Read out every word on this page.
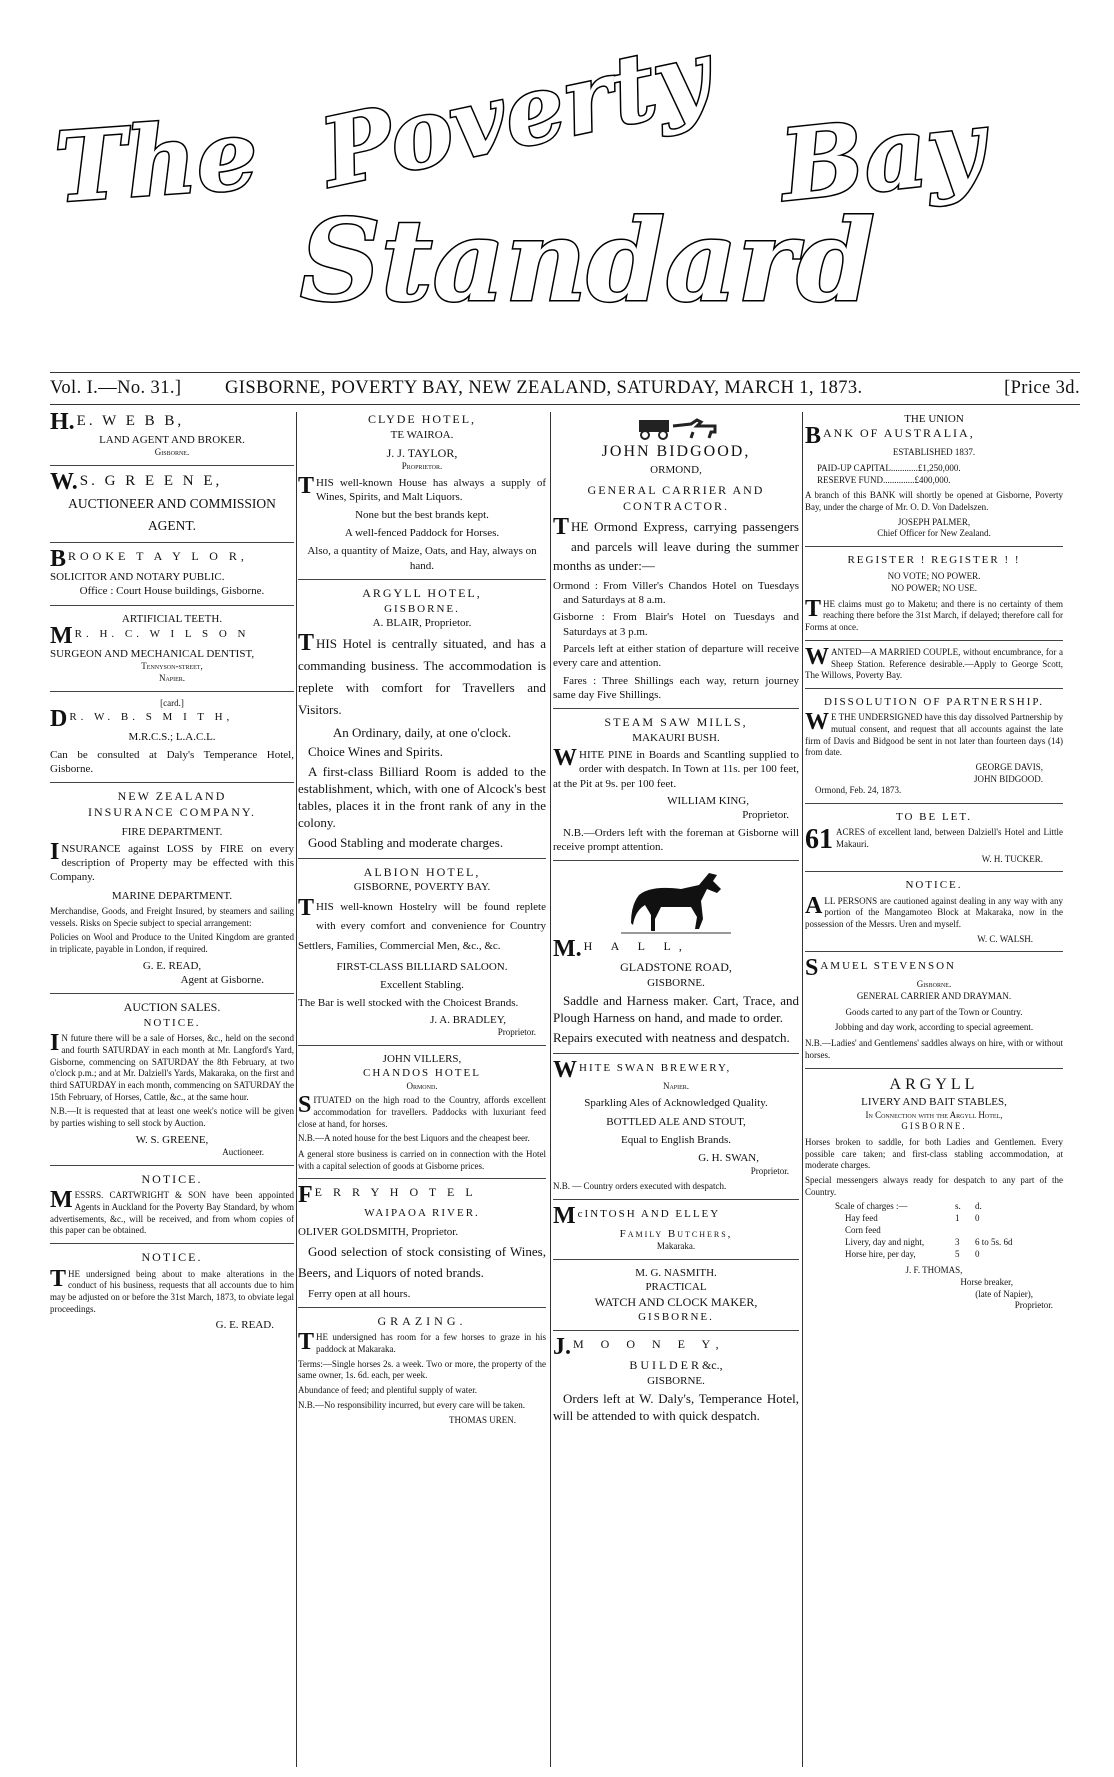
The Poverty Bay
Standard
Vol. I.—No. 31.] GISBORNE, POVERTY BAY, NEW ZEALAND, SATURDAY, MARCH 1, 1873.	[Price 3d.
H. E. W E B B,
LAND AGENT AND BROKER.
Gisborne.
W. S. G R E E N E,
AUCTIONEER AND COMMISSION AGENT.
BROOKE T A Y L O R,
SOLICITOR AND NOTARY PUBLIC.
Office : Court House buildings, Gisborne.
ARTIFICIAL TEETH.
M R. H. C. W I L S O N
SURGEON AND MECHANICAL DENTIST,
Tennyson-street,
Napier.
[card.]
D R. W. B. S M I T H,
M.R.C.S.; L.A.C.L.
Can be consulted at Daly's Temperance Hotel, Gisborne.
NEW ZEALAND
INSURANCE COMPANY.
FIRE DEPARTMENT.
INSURANCE against LOSS by FIRE on every description of Property may be effected with this Company.
MARINE DEPARTMENT.
Merchandise, Goods, and Freight Insured, by steamers and sailing vessels. Risks on Specie subject to special arrangement:
Policies on Wool and Produce to the United Kingdom are granted in triplicate, payable in London, if required.
G. E. READ,
Agent at Gisborne.
AUCTION SALES.
NOTICE.
I N future there will be a sale of Horses, &c., held on the second and fourth SATURDAY in each month at Mr. Langford's Yard, Gisborne, commencing on SATURDAY the 8th February, at two o'clock p.m.; and at Mr. Dalziell's Yards, Makaraka, on the first and third SATURDAY in each month, commencing on SATURDAY the 15th February, of Horses, Cattle, &c., at the same hour.
N.B.—It is requested that at least one week's notice will be given by parties wishing to sell stock by Auction.
W. S. GREENE,
Auctioneer.
NOTICE.
MESSRS. CARTWRIGHT & SON have been appointed Agents in Auckland for the Poverty Bay Standard, by whom advertisements, &c., will be received, and from whom copies of this paper can be obtained.
NOTICE.
THE undersigned being about to make alterations in the conduct of his business, requests that all accounts due to him may be adjusted on or before the 31st March, 1873, to obviate legal proceedings.
G. E. READ.
CLYDE HOTEL,
TE WAIROA.
J. J. TAYLOR,
Proprietor.
THIS well-known House has always a supply of Wines, Spirits, and Malt Liquors.
None but the best brands kept.
A well-fenced Paddock for Horses.
Also, a quantity of Maize, Oats, and Hay, always on hand.
ARGYLL HOTEL,
GISBORNE.
A. BLAIR, Proprietor.
THIS Hotel is centrally situated, and has a commanding business. The accommodation is replete with comfort for Travellers and Visitors.
An Ordinary, daily, at one o'clock.
Choice Wines and Spirits.
A first-class Billiard Room is added to the establishment, which, with one of Alcock's best tables, places it in the front rank of any in the colony.
Good Stabling and moderate charges.
ALBION HOTEL,
GISBORNE, POVERTY BAY.
THIS well-known Hostelry will be found replete with every comfort and convenience for Country Settlers, Families, Commercial Men, &c., &c.
FIRST-CLASS BILLIARD SALOON.
Excellent Stabling.
The Bar is well stocked with the Choicest Brands.
J. A. BRADLEY,
Proprietor.
JOHN VILLERS,
CHANDOS HOTEL
Ormond.
SITUATED on the high road to the Country, affords excellent accommodation for travellers. Paddocks with luxuriant feed close at hand, for horses.
N.B.—A noted house for the best Liquors and the cheapest beer.
A general store business is carried on in connection with the Hotel with a capital selection of goods at Gisborne prices.
F E R R Y H O T E L
WAIPAOA RIVER.
OLIVER GOLDSMITH, Proprietor.
Good selection of stock consisting of Wines, Beers, and Liquors of noted brands.
Ferry open at all hours.
GRAZING.
THE undersigned has room for a few horses to graze in his paddock at Makaraka.
Terms:—Single horses 2s. a week. Two or more, the property of the same owner, 1s. 6d. each, per week.
Abundance of feed; and plentiful supply of water.
N.B.—No responsibility incurred, but every care will be taken.
THOMAS UREN.
JOHN BIDGOOD,
ORMOND,
GENERAL CARRIER AND
CONTRACTOR.
THE Ormond Express, carrying passengers and parcels will leave during the summer months as under:—
Ormond : From Viller's Chandos Hotel on Tuesdays and Saturdays at 8 a.m.
Gisborne : From Blair's Hotel on Tuesdays and Saturdays at 3 p.m.
Parcels left at either station of departure will receive every care and attention.
Fares : Three Shillings each way, return journey same day Five Shillings.
STEAM SAW MILLS,
MAKAURI BUSH.
WHITE PINE in Boards and Scantling supplied to order with despatch. In Town at 11s. per 100 feet, at the Pit at 9s. per 100 feet.
WILLIAM KING,
Proprietor.
N.B.—Orders left with the foreman at Gisborne will receive prompt attention.
M. H A L L,
GLADSTONE ROAD,
GISBORNE.
Saddle and Harness maker. Cart, Trace, and Plough Harness on hand, and made to order.
Repairs executed with neatness and despatch.
WHITE SWAN BREWERY,
Napier.
Sparkling Ales of Acknowledged Quality.
BOTTLED ALE AND STOUT,
Equal to English Brands.
G. H. SWAN,
Proprietor.
N.B. — Country orders executed with despatch.
McINTOSH AND ELLEY
Family Butchers,
Makaraka.
M. G. NASMITH.
PRACTICAL
WATCH AND CLOCK MAKER,
GISBORNE.
J. M O O N E Y,
B U I L D E R &c.,
GISBORNE.
Orders left at W. Daly's, Temperance Hotel, will be attended to with quick despatch.
THE UNION
BANK OF AUSTRALIA,
ESTABLISHED 1837.
PAID-UP CAPITAL............£1,250,000.
RESERVE FUND..............£400,000.
A branch of this BANK will shortly be opened at Gisborne, Poverty Bay, under the charge of Mr. O. D. Von Dadelszen.
JOSEPH PALMER,
Chief Officer for New Zealand.
REGISTER ! REGISTER ! !
NO VOTE; NO POWER.
NO POWER; NO USE.
THE claims must go to Maketu; and there is no certainty of them reaching there before the 31st March, if delayed; therefore call for Forms at once.
WANTED—A MARRIED COUPLE, without encumbrance, for a Sheep Station. Reference desirable.—Apply to George Scott, The Willows, Poverty Bay.
DISSOLUTION OF PARTNERSHIP.
W E THE UNDERSIGNED have this day dissolved Partnership by mutual consent, and request that all accounts against the late firm of Davis and Bidgood be sent in not later than fourteen days (14) from date.
GEORGE DAVIS,
JOHN BIDGOOD.
Ormond, Feb. 24, 1873.
TO BE LET.
61 ACRES of excellent land, between Dalziell's Hotel and Little Makauri.
W. H. TUCKER.
NOTICE.
ALL PERSONS are cautioned against dealing in any way with any portion of the Mangamoteo Block at Makaraka, now in the possession of the Messrs. Uren and myself.
W. C. WALSH.
SAMUEL STEVENSON
Gisborne.
GENERAL CARRIER AND DRAYMAN.
Goods carted to any part of the Town or Country.
Jobbing and day work, according to special agreement.
N.B.—Ladies' and Gentlemens' saddles always on hire, with or without horses.
ARGYLL
LIVERY AND BAIT STABLES,
In Connection with the Argyll Hotel,
GISBORNE.
Horses broken to saddle, for both Ladies and Gentlemen. Every possible care taken; and first-class stabling accommodation, at moderate charges.
Special messengers always ready for despatch to any part of the Country.
Scale of charges :—	s. d.
Hay feed	1 0
Corn feed
Livery, day and night,	3 6 to 5s. 6d
Horse hire, per day,	5 0
J. F. THOMAS,
Horse breaker,
(late of Napier),
Proprietor.
